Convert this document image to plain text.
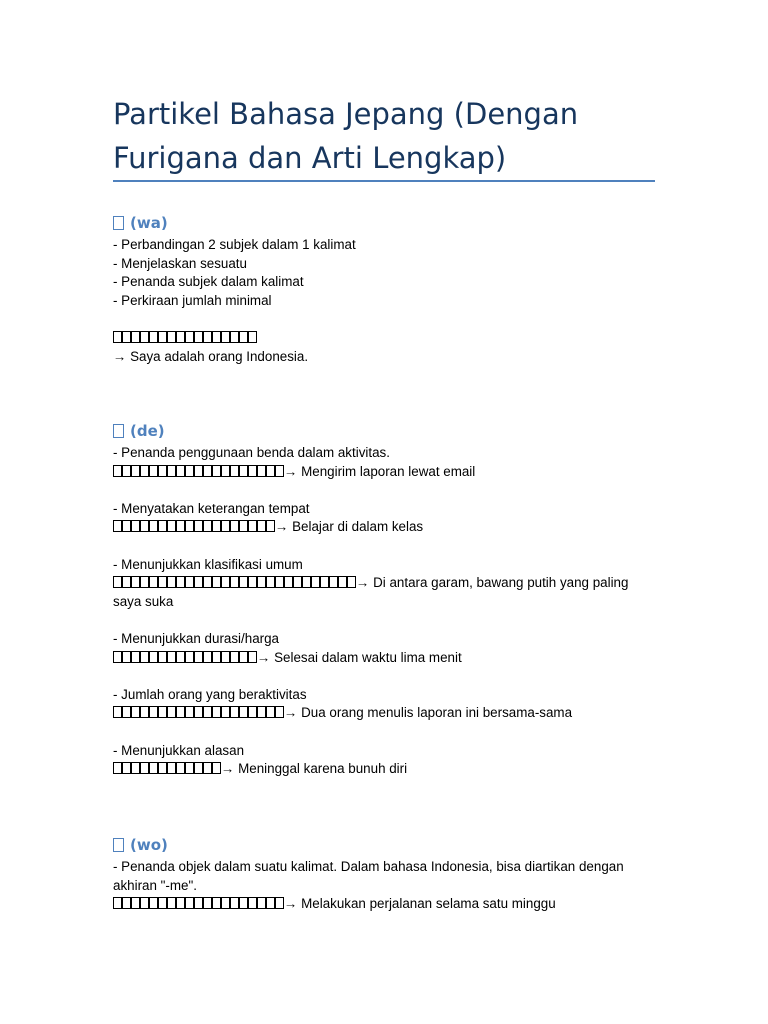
Partikel Bahasa Jepang (Dengan Furigana dan Arti Lengkap)
(wa)
- Perbandingan 2 subjek dalam 1 kalimat
- Menjelaskan sesuatu
- Penanda subjek dalam kalimat
- Perkiraan jumlah minimal
→ Saya adalah orang Indonesia.
(de)
- Penanda penggunaan benda dalam aktivitas.
→ Mengirim laporan lewat email
- Menyatakan keterangan tempat
→ Belajar di dalam kelas
- Menunjukkan klasifikasi umum
→ Di antara garam, bawang putih yang paling saya suka
- Menunjukkan durasi/harga
→ Selesai dalam waktu lima menit
- Jumlah orang yang beraktivitas
→ Dua orang menulis laporan ini bersama-sama
- Menunjukkan alasan
→ Meninggal karena bunuh diri
(wo)
- Penanda objek dalam suatu kalimat. Dalam bahasa Indonesia, bisa diartikan dengan akhiran "-me".
→ Melakukan perjalanan selama satu minggu
